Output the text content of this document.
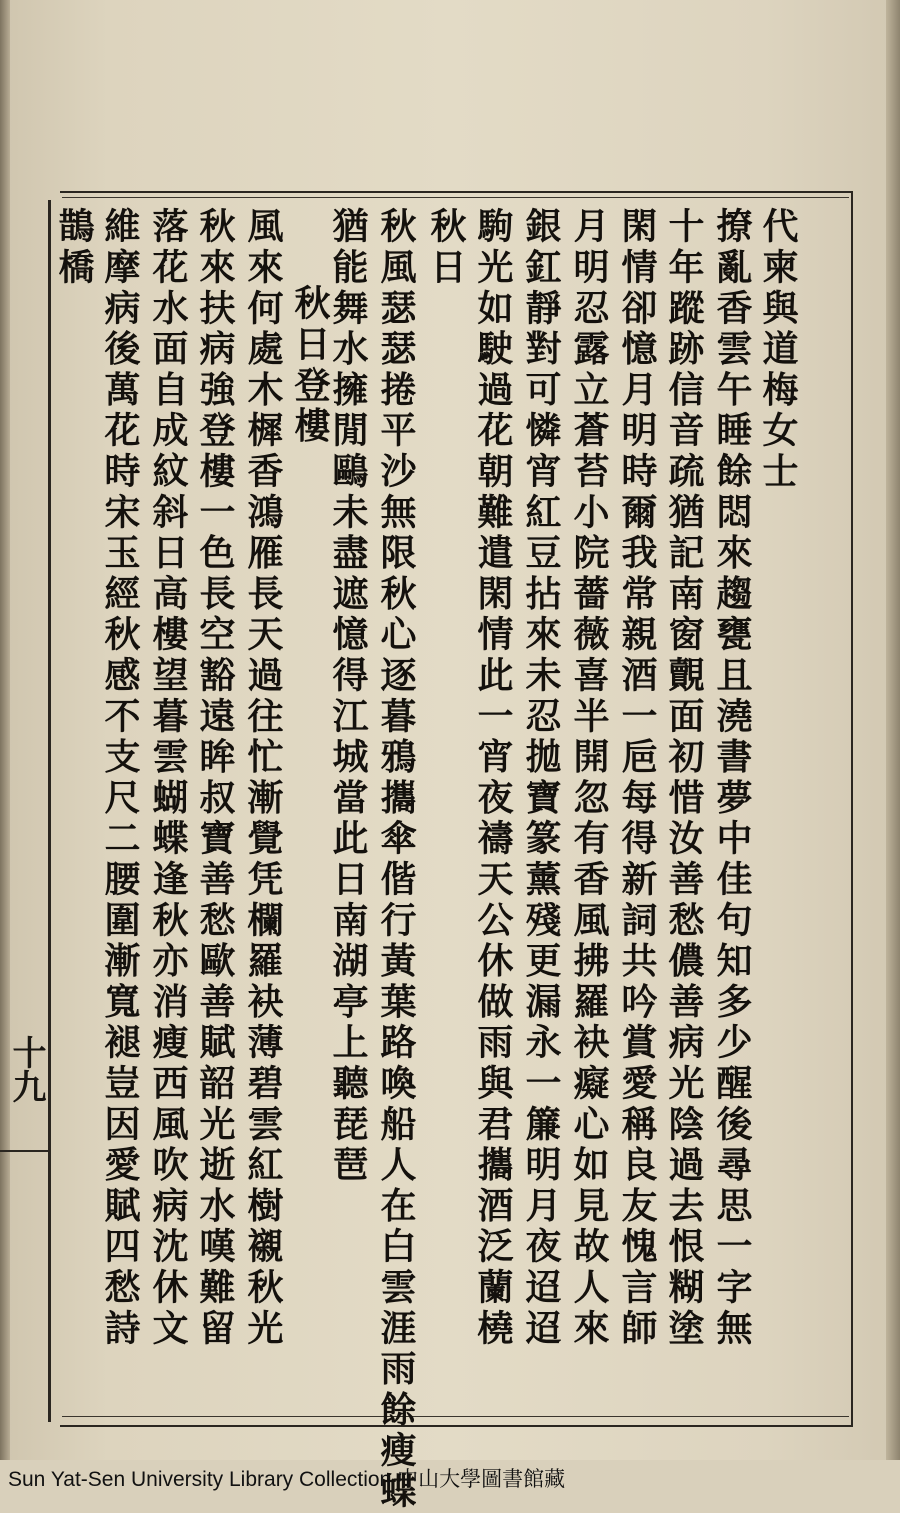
十九
代柬與道梅女士
撩亂香雲午睡餘悶來趨甕且澆書夢中佳句知多少醒後尋思一字無
十年蹤跡信音疏猶記南窗覿面初惜汝善愁儂善病光陰過去恨糊塗
閑情卻憶月明時爾我常親酒一巵每得新詞共吟賞愛稱良友愧言師
月明忍露立蒼苔小院薔薇喜半開忽有香風拂羅袂癡心如見故人來
銀釭靜對可憐宵紅豆拈來未忍拋寶篆薰殘更漏永一簾明月夜迢迢
駒光如駛過花朝難遣閑情此一宵夜禱天公休做雨與君攜酒泛蘭橈
秋日
秋風瑟瑟捲平沙無限秋心逐暮鴉攜傘偕行黃葉路喚船人在白雲涯雨餘瘦蝶
猶能舞水擁閒鷗未盡遮憶得江城當此日南湖亭上聽琵琶
秋日登樓
風來何處木樨香鴻雁長天過往忙漸覺凭欄羅袂薄碧雲紅樹襯秋光
秋來扶病強登樓一色長空豁遠眸叔寶善愁歐善賦韶光逝水嘆難留
落花水面自成紋斜日高樓望暮雲蝴蝶逢秋亦消瘦西風吹病沈休文
維摩病後萬花時宋玉經秋感不支尺二腰圍漸寬褪豈因愛賦四愁詩
鵲橋
Sun Yat-Sen University Library Collection 中山大學圖書館藏
